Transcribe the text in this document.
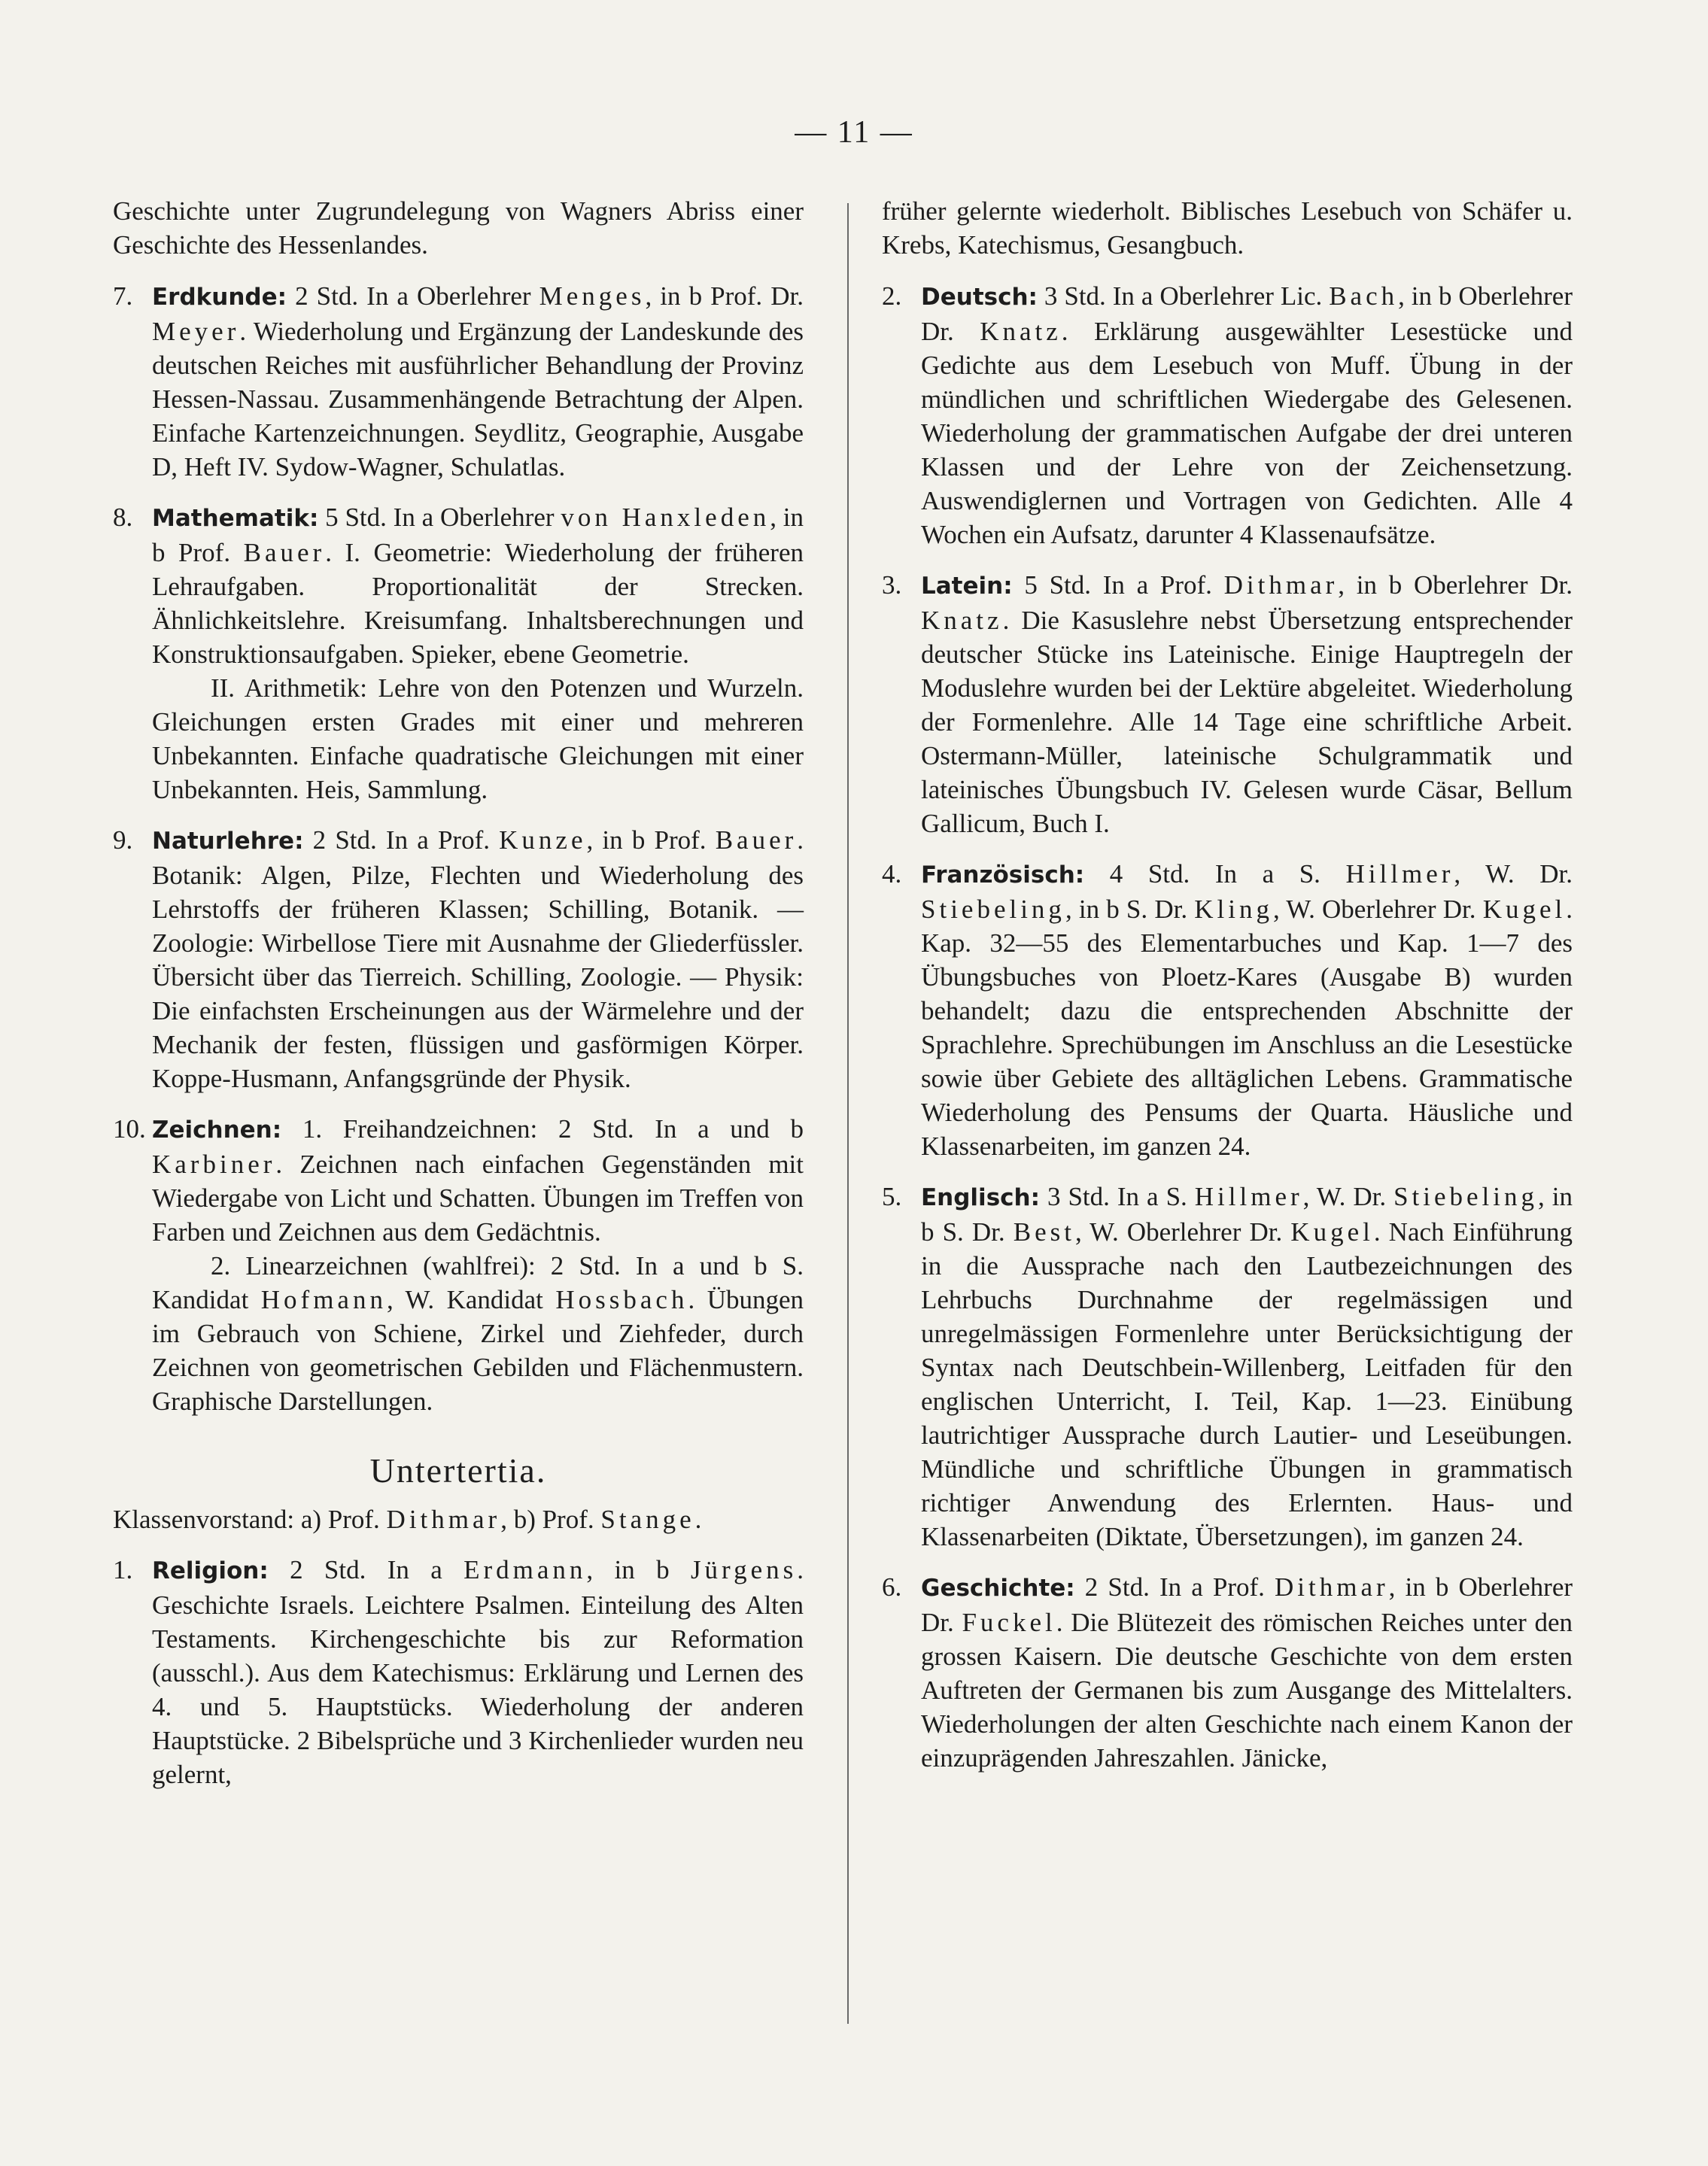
— 11 —

Geschichte unter Zugrundelegung von Wagners Abriss einer Geschichte des Hessenlandes.

7. Erdkunde: 2 Std. In a Oberlehrer Menges, in b Prof. Dr. Meyer. Wiederholung und Ergänzung der Landeskunde des deutschen Reiches mit ausführlicher Behandlung der Provinz Hessen-Nassau. Zusammenhängende Betrachtung der Alpen. Einfache Kartenzeichnungen. Seydlitz, Geographie, Ausgabe D, Heft IV. Sydow-Wagner, Schulatlas.
8. Mathematik: 5 Std. In a Oberlehrer von Hanxleden, in b Prof. Bauer. I. Geometrie: Wiederholung der früheren Lehraufgaben. Proportionalität der Strecken. Ähnlichkeitslehre. Kreisumfang. Inhaltsberechnungen und Konstruktionsaufgaben. Spieker, ebene Geometrie.
II. Arithmetik: Lehre von den Potenzen und Wurzeln. Gleichungen ersten Grades mit einer und mehreren Unbekannten. Einfache quadratische Gleichungen mit einer Unbekannten. Heis, Sammlung.
9. Naturlehre: 2 Std. In a Prof. Kunze, in b Prof. Bauer. Botanik: Algen, Pilze, Flechten und Wiederholung des Lehrstoffs der früheren Klassen; Schilling, Botanik. — Zoologie: Wirbellose Tiere mit Ausnahme der Gliederfüssler. Übersicht über das Tierreich. Schilling, Zoologie. — Physik: Die einfachsten Erscheinungen aus der Wärmelehre und der Mechanik der festen, flüssigen und gasförmigen Körper. Koppe-Husmann, Anfangsgründe der Physik.
10. Zeichnen: 1. Freihandzeichnen: 2 Std. In a und b Karbiner. Zeichnen nach einfachen Gegenständen mit Wiedergabe von Licht und Schatten. Übungen im Treffen von Farben und Zeichnen aus dem Gedächtnis.
2. Linearzeichnen (wahlfrei): 2 Std. In a und b S. Kandidat Hofmann, W. Kandidat Hossbach. Übungen im Gebrauch von Schiene, Zirkel und Ziehfeder, durch Zeichnen von geometrischen Gebilden und Flächenmustern. Graphische Darstellungen.
Untertertia.
Klassenvorstand: a) Prof. Dithmar, b) Prof. Stange.
1. Religion: 2 Std. In a Erdmann, in b Jürgens. Geschichte Israels. Leichtere Psalmen. Einteilung des Alten Testaments. Kirchengeschichte bis zur Reformation (ausschl.). Aus dem Katechismus: Erklärung und Lernen des 4. und 5. Hauptstücks. Wiederholung der anderen Hauptstücke. 2 Bibelsprüche und 3 Kirchenlieder wurden neu gelernt,

früher gelernte wiederholt. Biblisches Lesebuch von Schäfer u. Krebs, Katechismus, Gesangbuch.

2. Deutsch: 3 Std. In a Oberlehrer Lic. Bach, in b Oberlehrer Dr. Knatz. Erklärung ausgewählter Lesestücke und Gedichte aus dem Lesebuch von Muff. Übung in der mündlichen und schriftlichen Wiedergabe des Gelesenen. Wiederholung der grammatischen Aufgabe der drei unteren Klassen und der Lehre von der Zeichensetzung. Auswendiglernen und Vortragen von Gedichten. Alle 4 Wochen ein Aufsatz, darunter 4 Klassenaufsätze.
3. Latein: 5 Std. In a Prof. Dithmar, in b Oberlehrer Dr. Knatz. Die Kasuslehre nebst Übersetzung entsprechender deutscher Stücke ins Lateinische. Einige Hauptregeln der Moduslehre wurden bei der Lektüre abgeleitet. Wiederholung der Formenlehre. Alle 14 Tage eine schriftliche Arbeit. Ostermann-Müller, lateinische Schulgrammatik und lateinisches Übungsbuch IV. Gelesen wurde Cäsar, Bellum Gallicum, Buch I.
4. Französisch: 4 Std. In a S. Hillmer, W. Dr. Stiebeling, in b S. Dr. Kling, W. Oberlehrer Dr. Kugel. Kap. 32—55 des Elementarbuches und Kap. 1—7 des Übungsbuches von Ploetz-Kares (Ausgabe B) wurden behandelt; dazu die entsprechenden Abschnitte der Sprachlehre. Sprechübungen im Anschluss an die Lesestücke sowie über Gebiete des alltäglichen Lebens. Grammatische Wiederholung des Pensums der Quarta. Häusliche und Klassenarbeiten, im ganzen 24.
5. Englisch: 3 Std. In a S. Hillmer, W. Dr. Stiebeling, in b S. Dr. Best, W. Oberlehrer Dr. Kugel. Nach Einführung in die Aussprache nach den Lautbezeichnungen des Lehrbuchs Durchnahme der regelmässigen und unregelmässigen Formenlehre unter Berücksichtigung der Syntax nach Deutschbein-Willenberg, Leitfaden für den englischen Unterricht, I. Teil, Kap. 1—23. Einübung lautrichtiger Aussprache durch Lautier- und Leseübungen. Mündliche und schriftliche Übungen in grammatisch richtiger Anwendung des Erlernten. Haus- und Klassenarbeiten (Diktate, Übersetzungen), im ganzen 24.
6. Geschichte: 2 Std. In a Prof. Dithmar, in b Oberlehrer Dr. Fuckel. Die Blütezeit des römischen Reiches unter den grossen Kaisern. Die deutsche Geschichte von dem ersten Auftreten der Germanen bis zum Ausgange des Mittelalters. Wiederholungen der alten Geschichte nach einem Kanon der einzuprägenden Jahreszahlen. Jänicke,
